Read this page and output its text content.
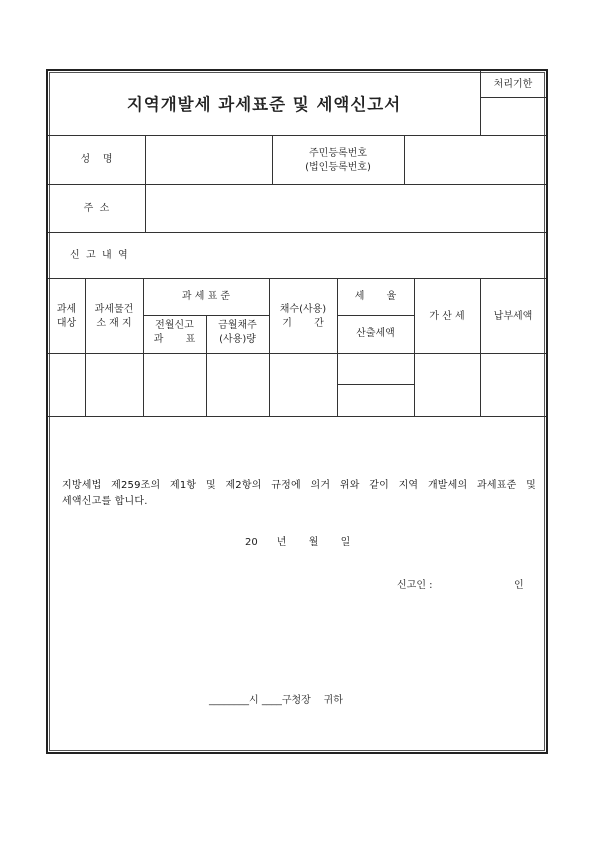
지역개발세 과세표준 및 세액신고서
처리기한
성    명
주민등록번호
(법인등록번호)
주  소
신  고  내  역
과세
대상
과세물건
소 재 지
과 세 표 준
전월신고
과       표
금월채주
(사용)량
채수(사용)
기       간
세       율
산출세액
가 산 세	납부세액
지방세법 제259조의 제1항 및 제2항의 규정에 의거 위와 같이 지역 개발세의 과세표준 및
세액신고를 합니다.
20      년       월       일
신고인 :	인
________시 ____구청장    귀하
